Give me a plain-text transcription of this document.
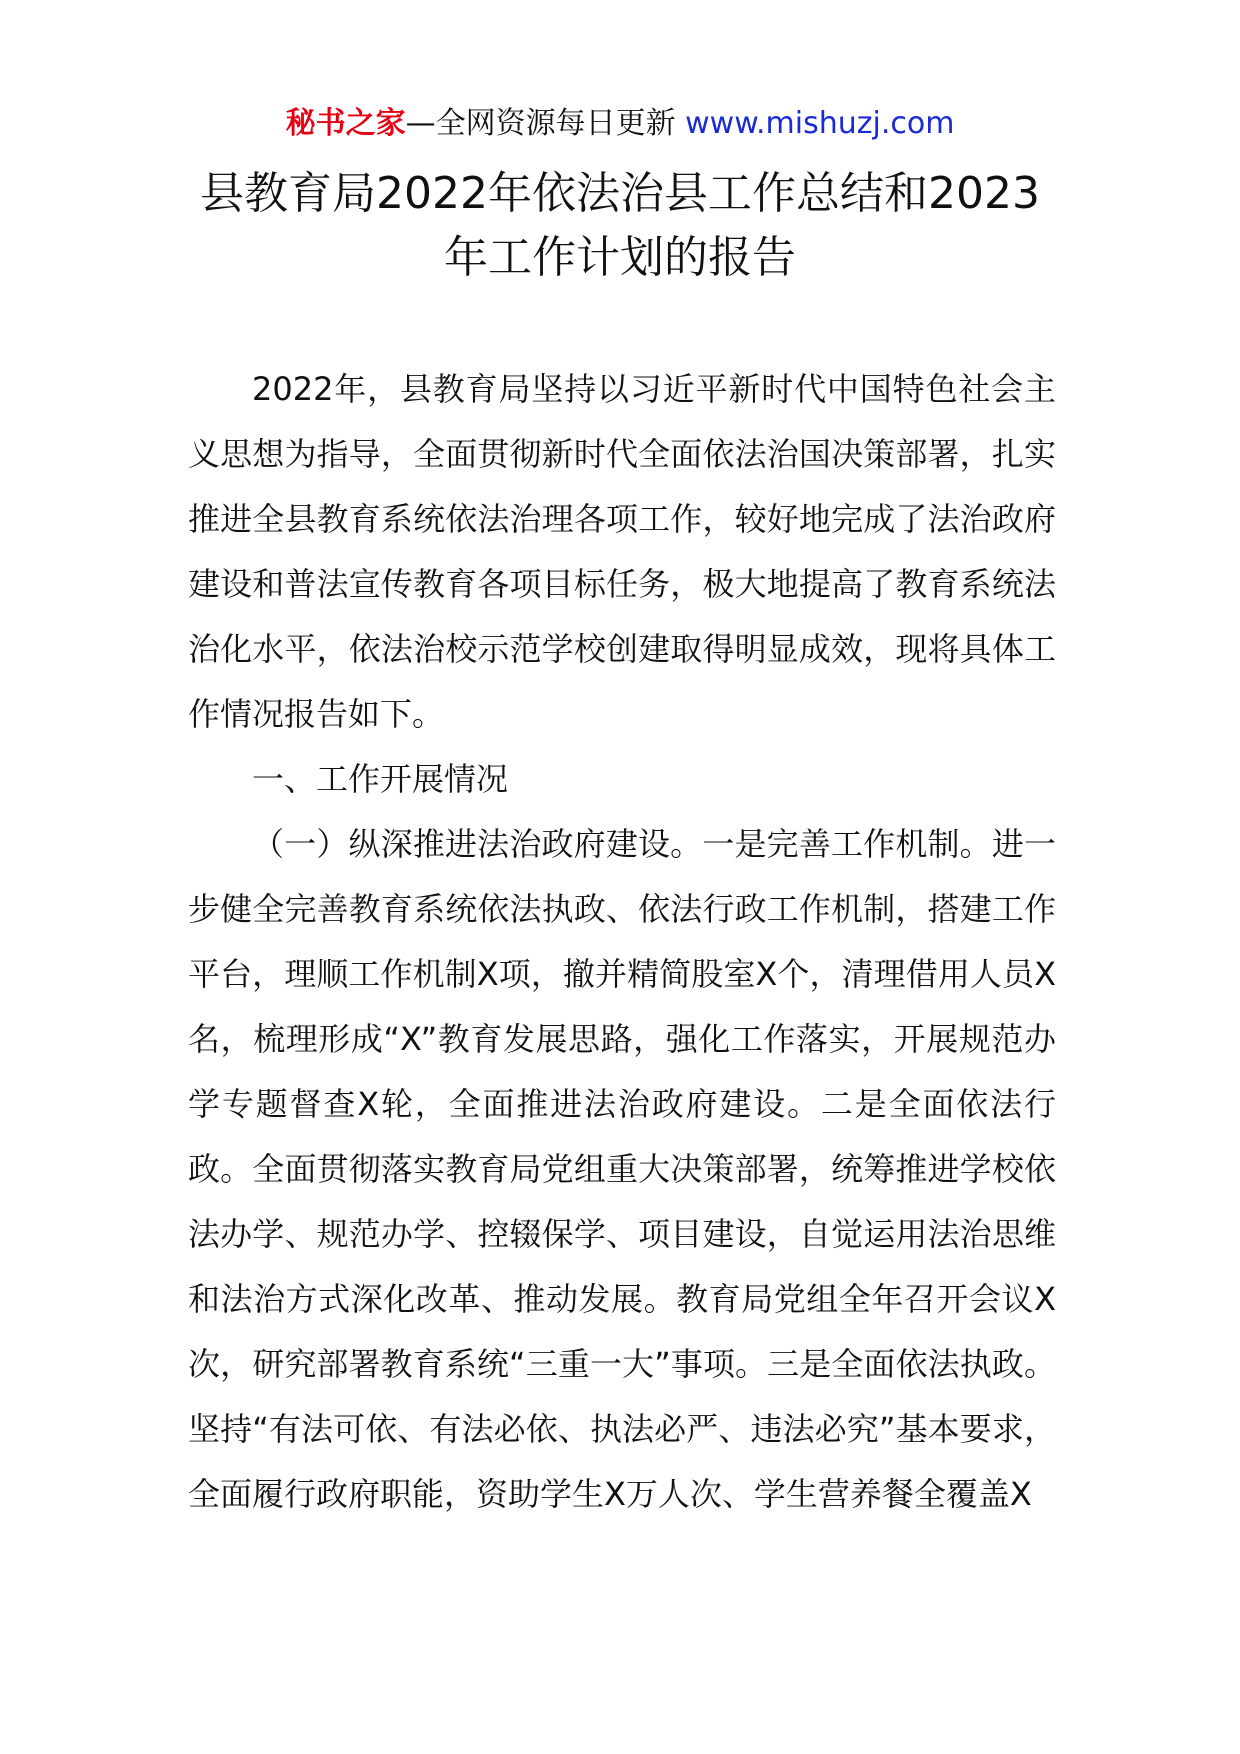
秘书之家—全网资源每日更新 www.mishuzj.com
县教育局2022年依法治县工作总结和2023
年工作计划的报告

2022年，县教育局坚持以习近平新时代中国特色社会主义思想为指导，全面贯彻新时代全面依法治国决策部署，扎实推进全县教育系统依法治理各项工作，较好地完成了法治政府建设和普法宣传教育各项目标任务，极大地提高了教育系统法治化水平，依法治校示范学校创建取得明显成效，现将具体工作情况报告如下。

一、工作开展情况

（一）纵深推进法治政府建设。一是完善工作机制。进一步健全完善教育系统依法执政、依法行政工作机制，搭建工作平台，理顺工作机制X项，撤并精简股室X个，清理借用人员X名，梳理形成“X”教育发展思路，强化工作落实，开展规范办学专题督查X轮，全面推进法治政府建设。二是全面依法行政。全面贯彻落实教育局党组重大决策部署，统筹推进学校依法办学、规范办学、控辍保学、项目建设，自觉运用法治思维和法治方式深化改革、推动发展。教育局党组全年召开会议X次，研究部署教育系统“三重一大”事项。三是全面依法执政。坚持“有法可依、有法必依、执法必严、违法必究”基本要求，全面履行政府职能，资助学生X万人次、学生营养餐全覆盖X
